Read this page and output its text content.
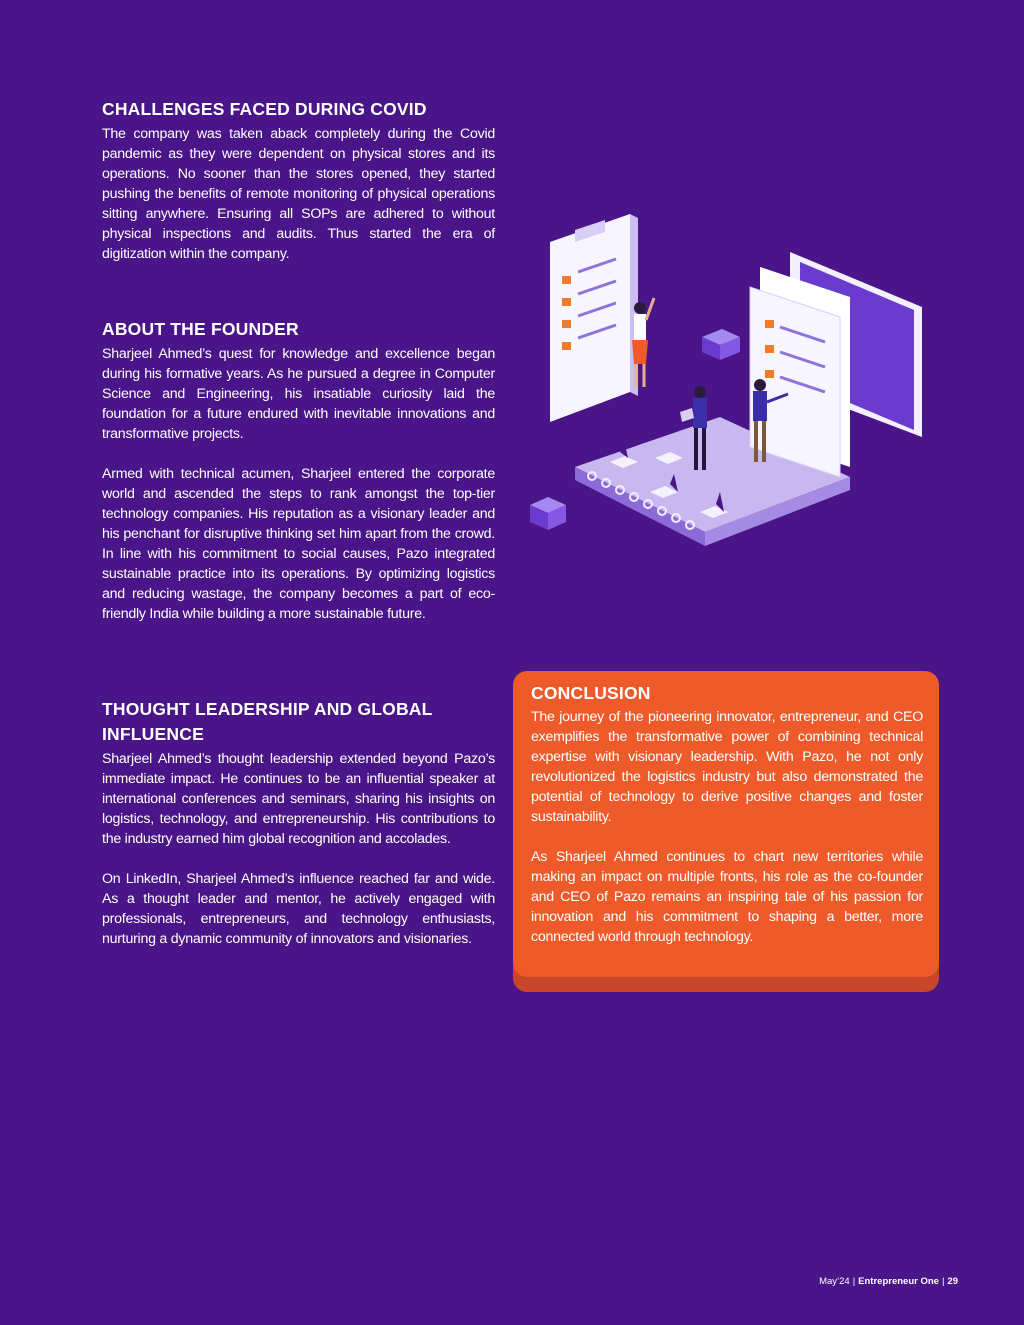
CHALLENGES FACED DURING COVID

The company was taken aback completely during the Covid pandemic as they were dependent on physical stores and its operations. No sooner than the stores opened, they started pushing the benefits of remote monitoring of physical operations sitting anywhere. Ensuring all SOPs are adhered to without physical inspections and audits. Thus started the era of digitization within the company.

ABOUT THE FOUNDER

Sharjeel Ahmed’s quest for knowledge and excellence began during his formative years. As he pursued a degree in Computer Science and Engineering, his insatiable curiosity laid the foundation for a future endured with inevitable innovations and transformative projects.

Armed with technical acumen, Sharjeel entered the corporate world and ascended the steps to rank amongst the top-tier technology companies. His reputation as a visionary leader and his penchant for disruptive thinking set him apart from the crowd. In line with his commitment to social causes, Pazo integrated sustainable practice into its operations. By optimizing logistics and reducing wastage, the company becomes a part of eco-friendly India while building a more sustainable future.

THOUGHT LEADERSHIP AND GLOBAL INFLUENCE

Sharjeel Ahmed’s thought leadership extended beyond Pazo’s immediate impact. He continues to be an influential speaker at international conferences and seminars, sharing his insights on logistics, technology, and entrepreneurship. His contributions to the industry earned him global recognition and accolades.

On LinkedIn, Sharjeel Ahmed’s influence reached far and wide. As a thought leader and mentor, he actively engaged with professionals, entrepreneurs, and technology enthusiasts, nurturing a dynamic community of innovators and visionaries.

CONCLUSION

The journey of the pioneering innovator, entrepreneur, and CEO exemplifies the transformative power of combining technical expertise with visionary leadership. With Pazo, he not only revolutionized the logistics industry but also demonstrated the potential of technology to derive positive changes and foster sustainability.

As Sharjeel Ahmed continues to chart new territories while making an impact on multiple fronts, his role as the co-founder and CEO of Pazo remains an inspiring tale of his passion for innovation and his commitment to shaping a better, more connected world through technology.

May’24 | Entrepreneur One | 29
